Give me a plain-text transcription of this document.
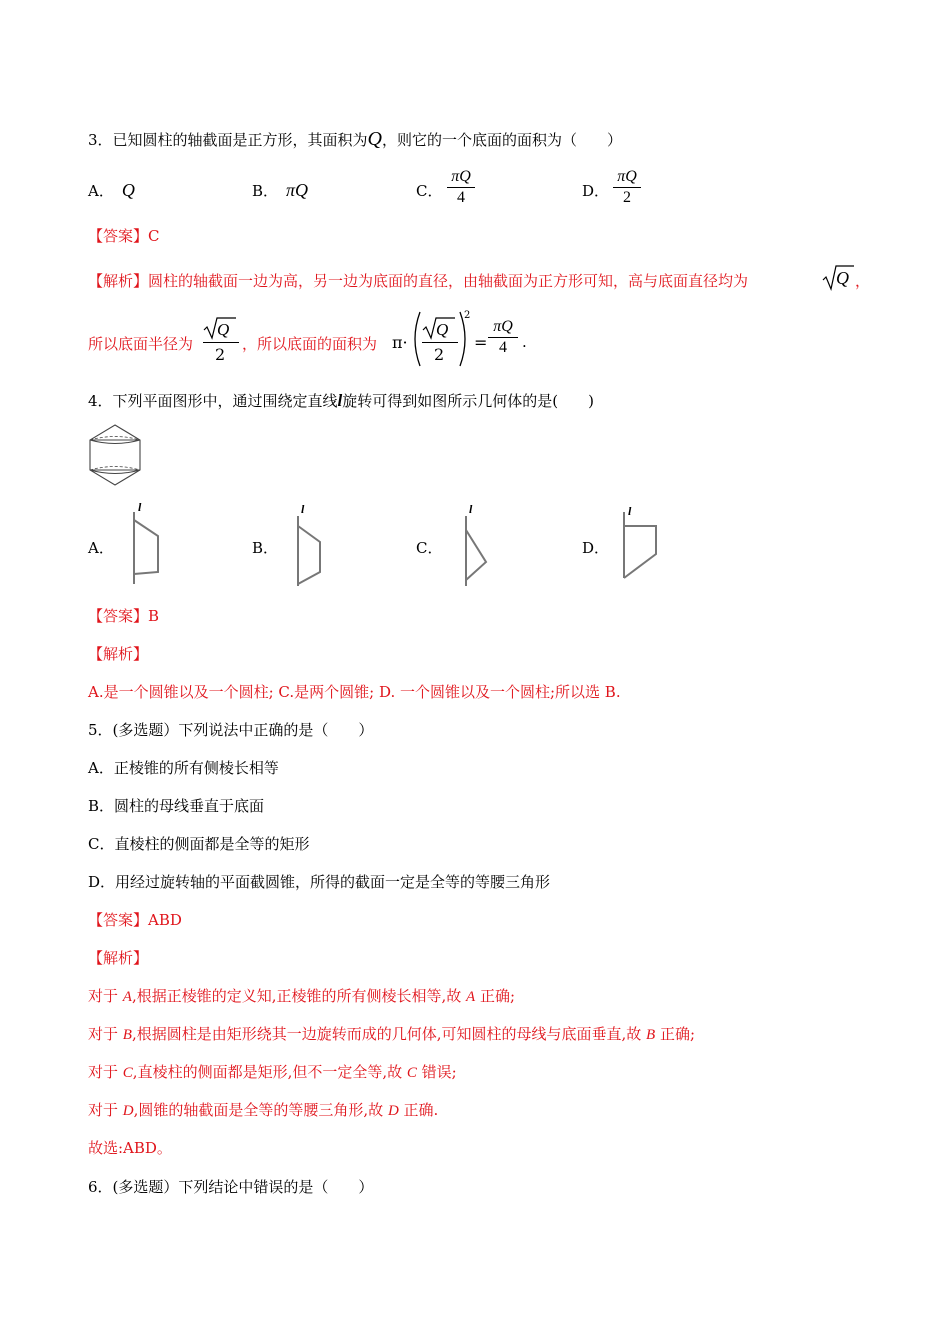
3．已知圆柱的轴截面是正方形，其面积为Q，则它的一个底面的面积为（　　）
A． Q	B． πQ	C．
πQ
4	D．
πQ
2
【答案】C
【解析】圆柱的轴截面一边为高，另一边为底面的直径，由轴截面为正方形可知，高与底面直径均为	Q ，
所以底面半径为
Q
2
，所以底面的面积为 π·
Q
2
2
=
πQ
4	.
4．下列平面图形中，通过围绕定直线l旋转可得到如图所示几何体的是(　　)
A．	B．	C．	D．
l	l	l	l
【答案】B
【解析】
A.是一个圆锥以及一个圆柱; C.是两个圆锥; D. 一个圆锥以及一个圆柱;所以选 B.
5．(多选题）下列说法中正确的是（　　）
A．正棱锥的所有侧棱长相等
B．圆柱的母线垂直于底面
C．直棱柱的侧面都是全等的矩形
D．用经过旋转轴的平面截圆锥，所得的截面一定是全等的等腰三角形
【答案】ABD
【解析】
对于 A,根据正棱锥的定义知,正棱锥的所有侧棱长相等,故 A 正确;
对于 B,根据圆柱是由矩形绕其一边旋转而成的几何体,可知圆柱的母线与底面垂直,故 B 正确;
对于 C,直棱柱的侧面都是矩形,但不一定全等,故 C 错误;
对于 D,圆锥的轴截面是全等的等腰三角形,故 D 正确.
故选:ABD。
6．(多选题）下列结论中错误的是（　　）
